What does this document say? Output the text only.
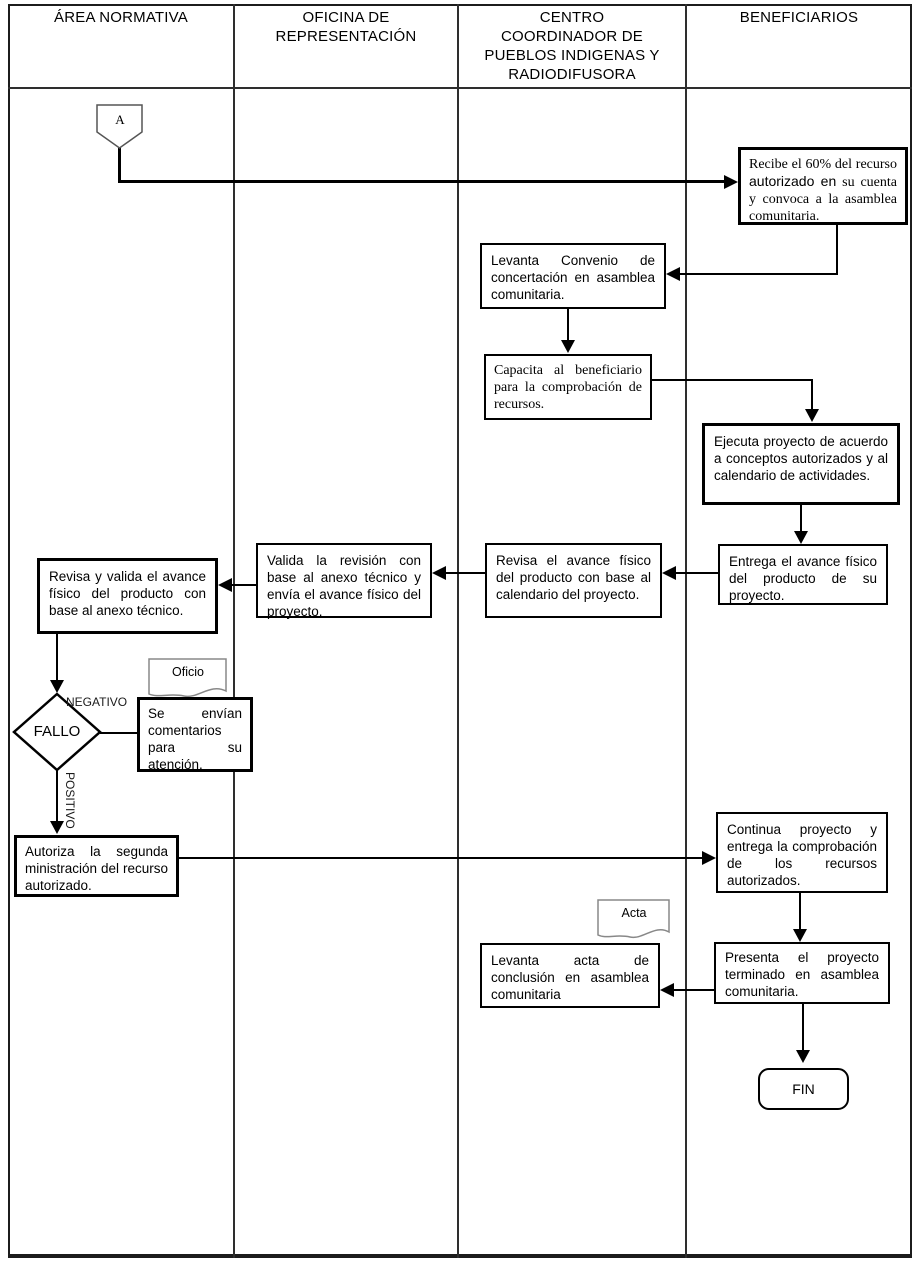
ÁREA NORMATIVA	OFICINA DE REPRESENTACIÓN
CENTRO COORDINADOR DE PUEBLOS INDIGENAS Y RADIODIFUSORA
BENEFICIARIOS
A
Oficio
Acta
Recibe el 60% del recurso autorizado en su cuenta y convoca a la asamblea comunitaria.
Levanta Convenio de concertación en asamblea comunitaria.
Capacita al beneficiario para la comprobación de recursos.
Ejecuta proyecto de acuerdo a conceptos autorizados y al calendario de actividades.
Entrega el avance físico del producto de su proyecto.
Revisa el avance físico del producto con base al calendario del proyecto.
Valida la revisión con base al anexo técnico y envía el avance físico del proyecto.
Revisa y valida el avance físico del producto con base al anexo técnico.
Se envían comentarios para su atención.
Autoriza la segunda ministración del recurso autorizado.
Continua proyecto y entrega la comprobación de los recursos autorizados.
Presenta el proyecto terminado en asamblea comunitaria.
Levanta acta de conclusión en asamblea comunitaria
FALLO
NEGATIVO
POSITIVO
FIN
